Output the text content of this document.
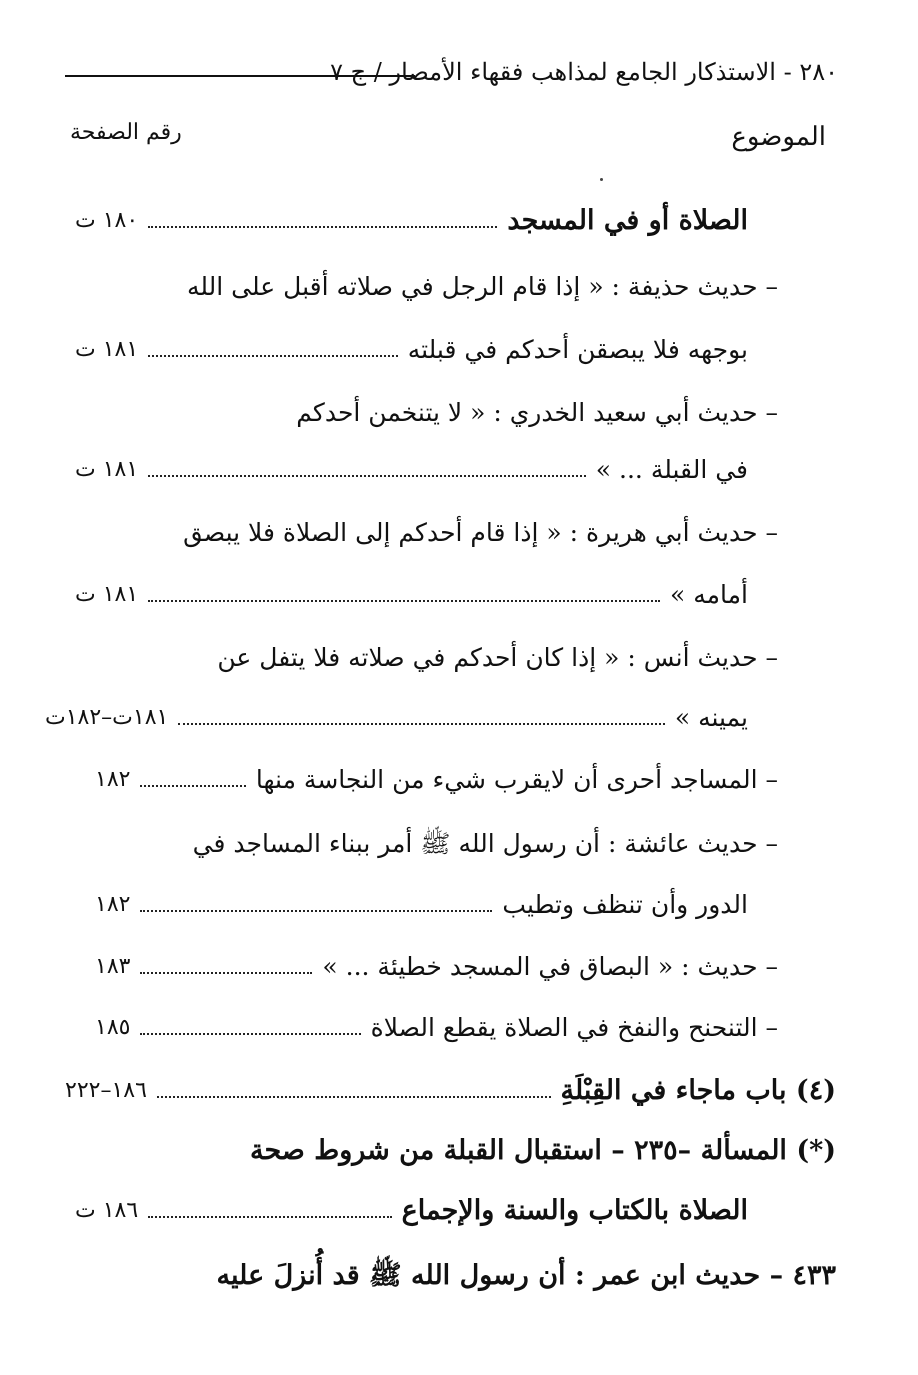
٢٨٠ - الاستذكار الجامع لمذاهب فقهاء الأمصار / ج ٧
الموضوع
رقم الصفحة
الصلاة أو في المسجد
١٨٠ ت
– حديث حذيفة : « إذا قام الرجل في صلاته أقبل على الله
بوجهه فلا يبصقن أحدكم في قبلته
١٨١ ت
– حديث أبي سعيد الخدري : « لا يتنخمن أحدكم
في القبلة ... »
١٨١ ت
– حديث أبي هريرة : « إذا قام أحدكم إلى الصلاة فلا يبصق
أمامه »
١٨١ ت
– حديث أنس : « إذا كان أحدكم في صلاته فلا يتفل عن
يمينه »
١٨١ت–١٨٢ت
– المساجد أحرى أن لايقرب شيء من النجاسة منها
١٨٢
– حديث عائشة : أن رسول الله ﷺ أمر ببناء المساجد في
الدور وأن تنظف وتطيب
١٨٢
– حديث : « البصاق في المسجد خطيئة ... »
١٨٣
– التنحنح والنفخ في الصلاة يقطع الصلاة
١٨٥
(٤) باب ماجاء في القِبْلَةِ
١٨٦–٢٢٢
(*) المسألة –٢٣٥ – استقبال القبلة من شروط صحة
الصلاة بالكتاب والسنة والإجماع
١٨٦ ت
٤٣٣ – حديث ابن عمر : أن رسول الله ﷺ قد أُنزلَ عليه
